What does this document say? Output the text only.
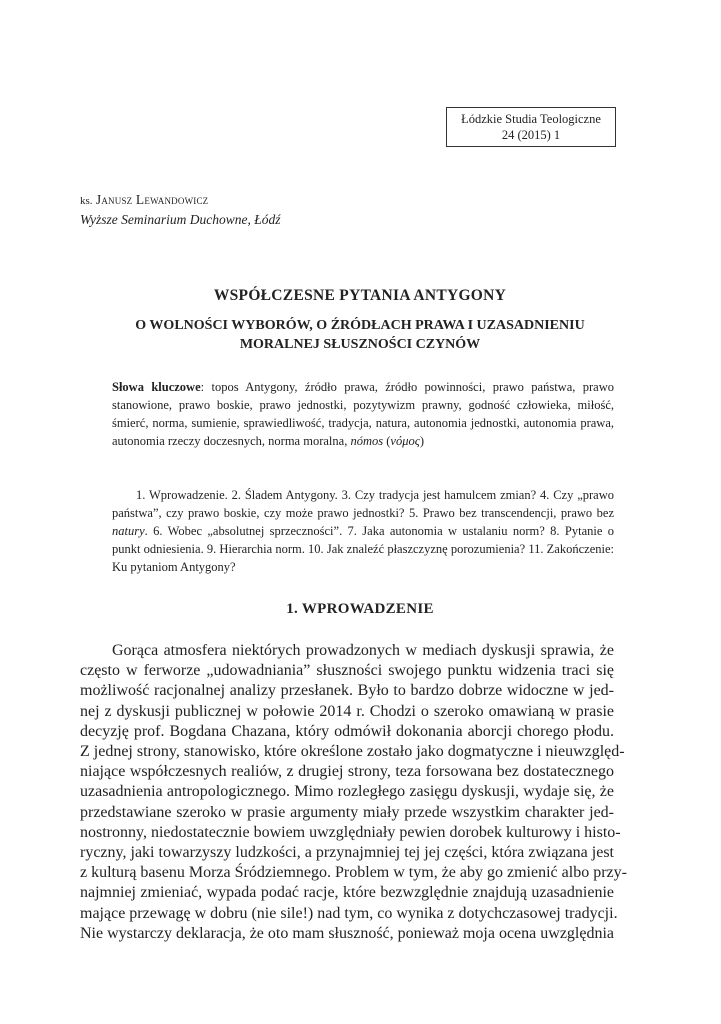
Łódzkie Studia Teologiczne
24 (2015) 1
ks. Janusz Lewandowicz
Wyższe Seminarium Duchowne, Łódź
WSPÓŁCZESNE PYTANIA ANTYGONY
O WOLNOŚCI WYBORÓW, O ŹRÓDŁACH PRAWA I UZASADNIENIU
MORALNEJ SŁUSZNOŚCI CZYNÓW
Słowa kluczowe: topos Antygony, źródło prawa, źródło powinności, prawo państwa, prawo stanowione, prawo boskie, prawo jednostki, pozytywizm prawny, godność człowieka, miłość, śmierć, norma, sumienie, sprawiedliwość, tradycja, natura, autonomia jednostki, autonomia prawa, autonomia rzeczy doczesnych, norma moralna, nómos (νόμος)
1. Wprowadzenie. 2. Śladem Antygony. 3. Czy tradycja jest hamulcem zmian? 4. Czy „prawo państwa”, czy prawo boskie, czy może prawo jednostki? 5. Prawo bez transcendencji, prawo bez natury. 6. Wobec „absolutnej sprzeczności”. 7. Jaka autonomia w ustalaniu norm? 8. Pytanie o punkt odniesienia. 9. Hierarchia norm. 10. Jak znaleźć płaszczyznę porozumienia? 11. Zakończenie: Ku pytaniom Antygony?
1. WPROWADZENIE
Gorąca atmosfera niektórych prowadzonych w mediach dyskusji sprawia, że
często w ferworze „udowadniania” słuszności swojego punktu widzenia traci się
możliwość racjonalnej analizy przesłanek. Było to bardzo dobrze widoczne w jed-
nej z dyskusji publicznej w połowie 2014 r. Chodzi o szeroko omawianą w prasie
decyzję prof. Bogdana Chazana, który odmówił dokonania aborcji chorego płodu.
Z jednej strony, stanowisko, które określone zostało jako dogmatyczne i nieuwzględ-
niające współczesnych realiów, z drugiej strony, teza forsowana bez dostatecznego
uzasadnienia antropologicznego. Mimo rozległego zasięgu dyskusji, wydaje się, że
przedstawiane szeroko w prasie argumenty miały przede wszystkim charakter jed-
nostronny, niedostatecznie bowiem uwzględniały pewien dorobek kulturowy i histo-
ryczny, jaki towarzyszy ludzkości, a przynajmniej tej jej części, która związana jest
z kulturą basenu Morza Śródziemnego. Problem w tym, że aby go zmienić albo przy-
najmniej zmieniać, wypada podać racje, które bezwzględnie znajdują uzasadnienie
mające przewagę w dobru (nie sile!) nad tym, co wynika z dotychczasowej tradycji.
Nie wystarczy deklaracja, że oto mam słuszność, ponieważ moja ocena uwzględnia
